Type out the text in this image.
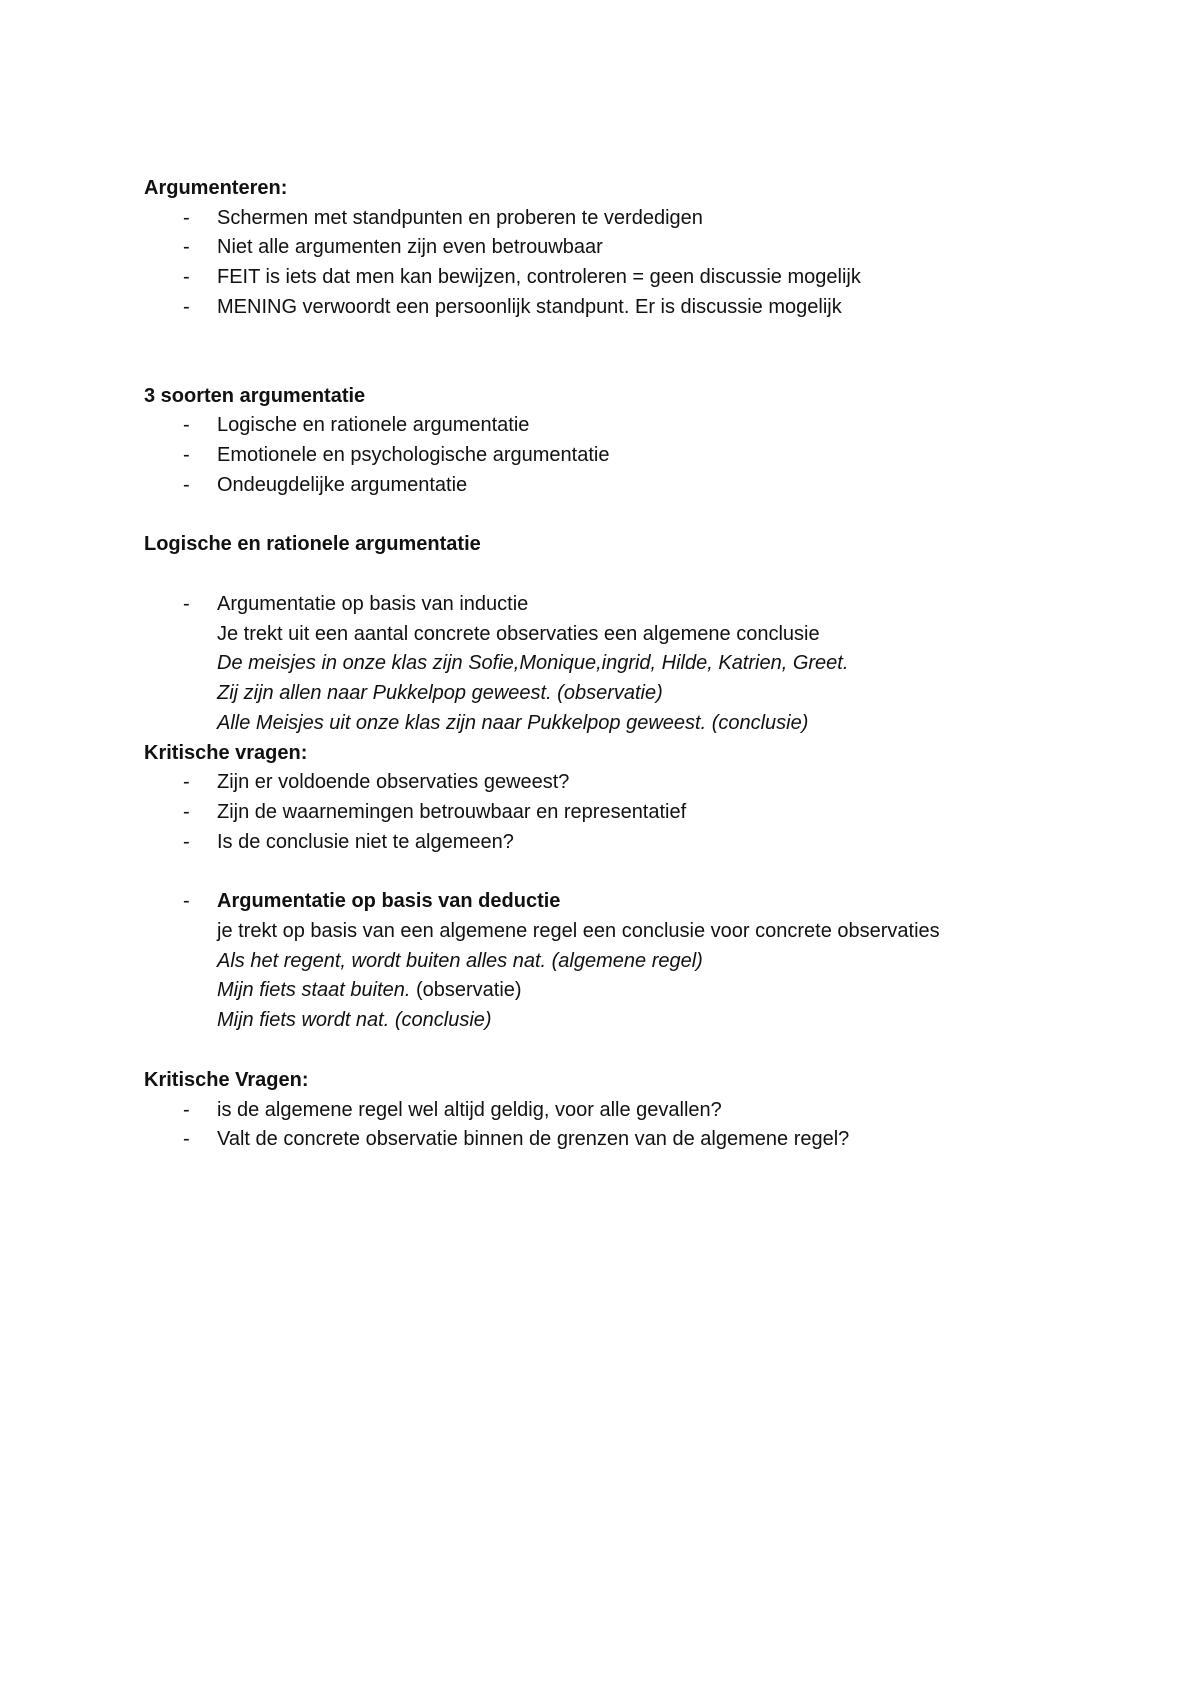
Argumenteren:

- Schermen met standpunten en proberen te verdedigen

- Niet alle argumenten zijn even betrouwbaar

- FEIT is iets dat men kan bewijzen, controleren = geen discussie mogelijk

- MENING verwoordt een persoonlijk standpunt. Er is discussie mogelijk

3 soorten argumentatie

- Logische en rationele argumentatie

- Emotionele en psychologische argumentatie

- Ondeugdelijke argumentatie

Logische en rationele argumentatie

- Argumentatie op basis van inductie

Je trekt uit een aantal concrete observaties een algemene conclusie

De meisjes in onze klas zijn Sofie,Monique,ingrid, Hilde, Katrien, Greet.

Zij zijn allen naar Pukkelpop geweest. (observatie)

Alle Meisjes uit onze klas zijn naar Pukkelpop geweest. (conclusie)

Kritische vragen:

- Zijn er voldoende observaties geweest?

- Zijn de waarnemingen betrouwbaar en representatief

- Is de conclusie niet te algemeen?

- Argumentatie op basis van deductie

je trekt op basis van een algemene regel een conclusie voor concrete observaties

Als het regent, wordt buiten alles nat. (algemene regel)

Mijn fiets staat buiten. (observatie)

Mijn fiets wordt nat. (conclusie)

Kritische Vragen:

- is de algemene regel wel altijd geldig, voor alle gevallen?

- Valt de concrete observatie binnen de grenzen van de algemene regel?
